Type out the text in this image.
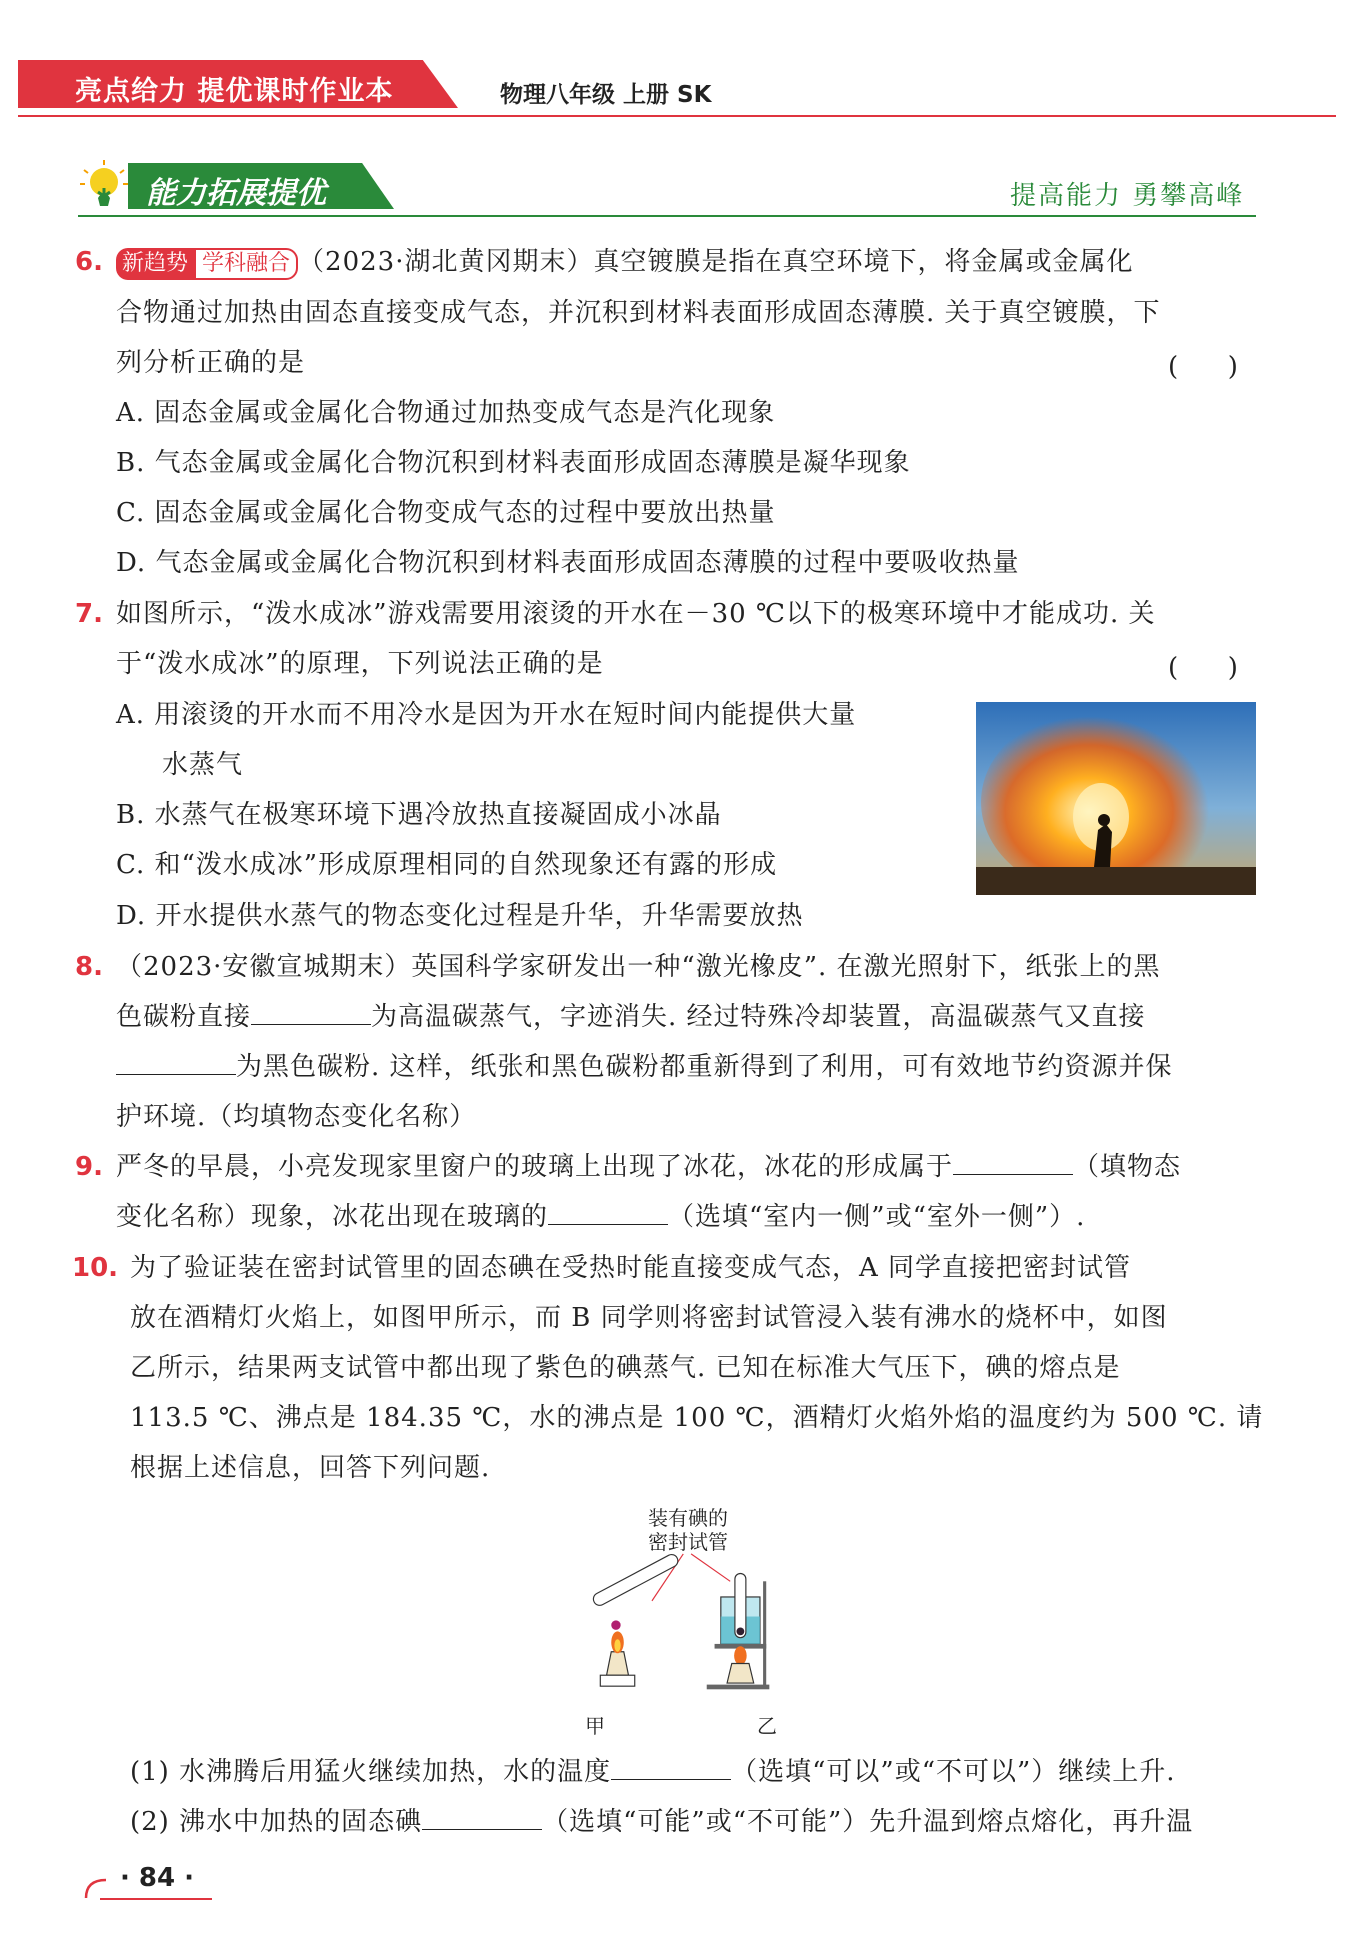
亮点给力 提优课时作业本	物理八年级 上册 SK
能力拓展提优	提高能力 勇攀高峰
6. 新趋势 学科融合 （2023·湖北黄冈期末）真空镀膜是指在真空环境下，将金属或金属化
合物通过加热由固态直接变成气态，并沉积到材料表面形成固态薄膜. 关于真空镀膜，下
列分析正确的是	(      )
A. 固态金属或金属化合物通过加热变成气态是汽化现象
B. 气态金属或金属化合物沉积到材料表面形成固态薄膜是凝华现象
C. 固态金属或金属化合物变成气态的过程中要放出热量
D. 气态金属或金属化合物沉积到材料表面形成固态薄膜的过程中要吸收热量
7. 如图所示，“泼水成冰”游戏需要用滚烫的开水在－30 ℃以下的极寒环境中才能成功. 关
于“泼水成冰”的原理，下列说法正确的是	(      )
A. 用滚烫的开水而不用冷水是因为开水在短时间内能提供大量
水蒸气
B. 水蒸气在极寒环境下遇冷放热直接凝固成小冰晶
C. 和“泼水成冰”形成原理相同的自然现象还有露的形成
D. 开水提供水蒸气的物态变化过程是升华，升华需要放热
8. （2023·安徽宣城期末）英国科学家研发出一种“激光橡皮”. 在激光照射下，纸张上的黑
色碳粉直接	为高温碳蒸气，字迹消失. 经过特殊冷却装置，高温碳蒸气又直接
为黑色碳粉. 这样，纸张和黑色碳粉都重新得到了利用，可有效地节约资源并保
护环境.（均填物态变化名称）
9. 严冬的早晨，小亮发现家里窗户的玻璃上出现了冰花，冰花的形成属于	（填物态
变化名称）现象，冰花出现在玻璃的	（选填“室内一侧”或“室外一侧”）.
10. 为了验证装在密封试管里的固态碘在受热时能直接变成气态，A 同学直接把密封试管
放在酒精灯火焰上，如图甲所示，而 B 同学则将密封试管浸入装有沸水的烧杯中，如图
乙所示，结果两支试管中都出现了紫色的碘蒸气. 已知在标准大气压下，碘的熔点是
113.5 ℃、沸点是 184.35 ℃，水的沸点是 100 ℃，酒精灯火焰外焰的温度约为 500 ℃. 请
根据上述信息，回答下列问题.
装有碘的
密封试管
甲	乙
(1) 水沸腾后用猛火继续加热，水的温度	（选填“可以”或“不可以”）继续上升.
(2) 沸水中加热的固态碘	（选填“可能”或“不可能”）先升温到熔点熔化，再升温
· 84 ·
